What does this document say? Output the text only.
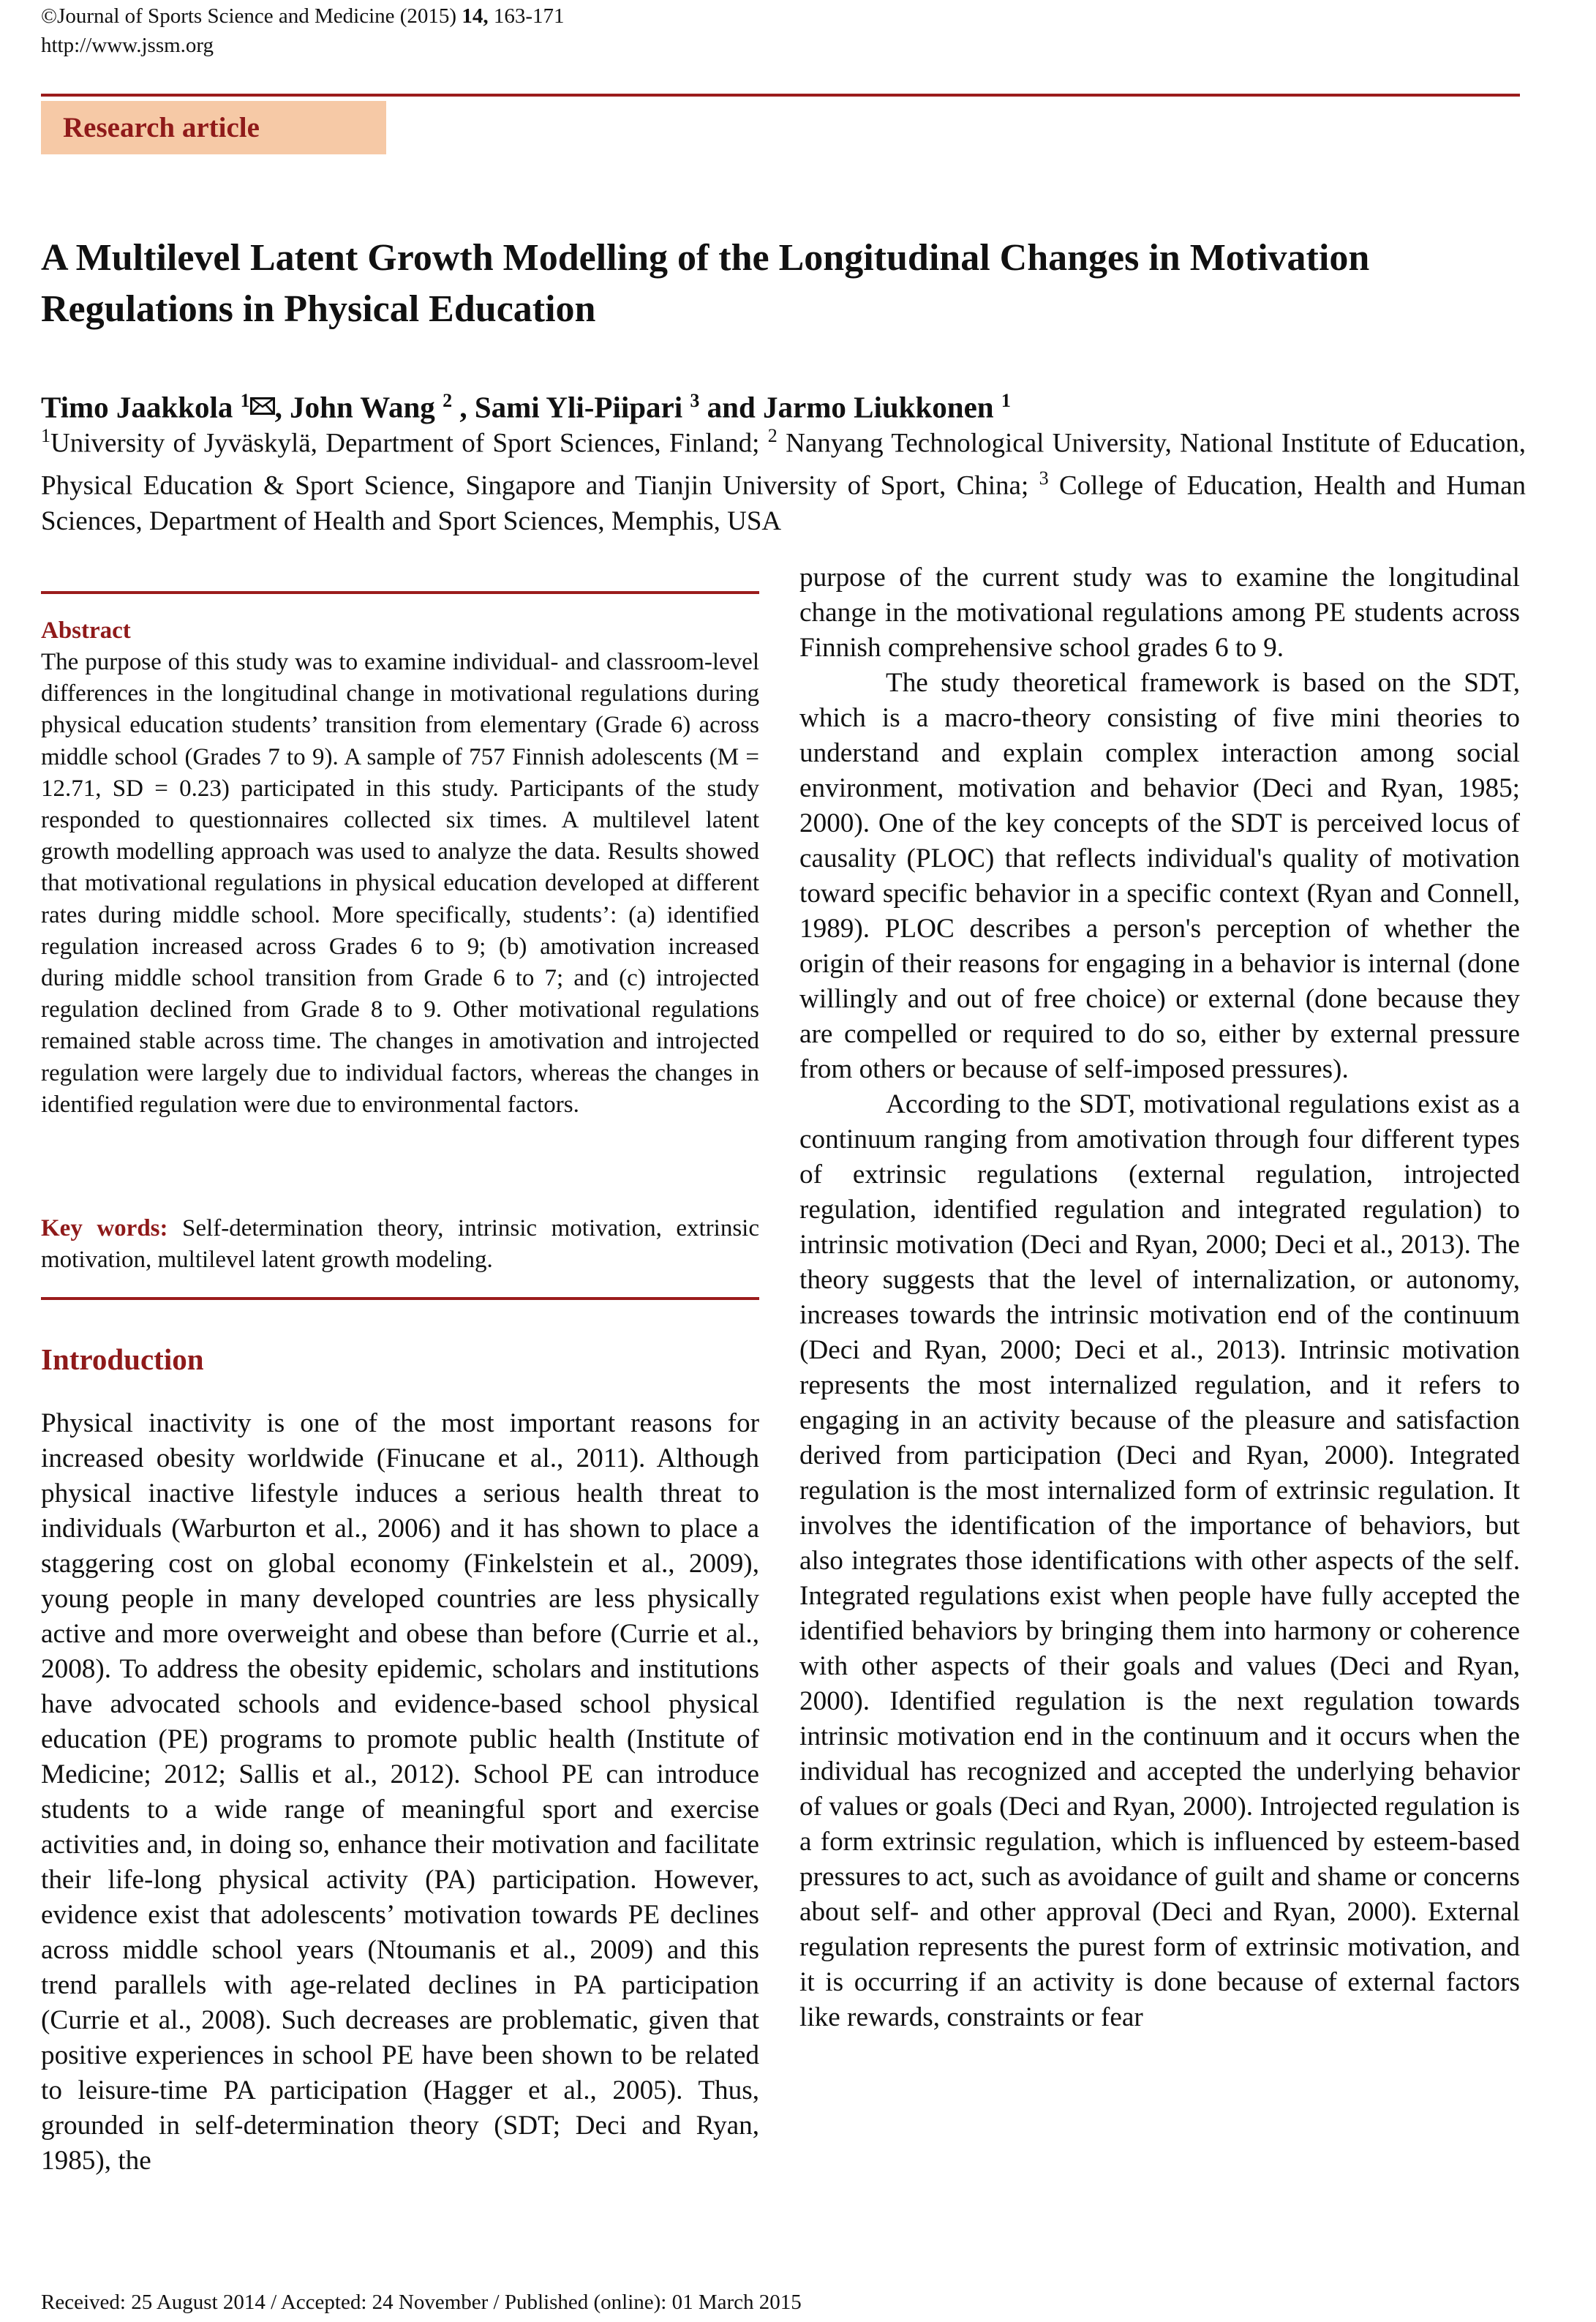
©Journal of Sports Science and Medicine (2015) 14, 163-171
http://www.jssm.org
Research article
A Multilevel Latent Growth Modelling of the Longitudinal Changes in Motivation Regulations in Physical Education
Timo Jaakkola $^1$ , John Wang $^2$ , Sami Yli-Piipari $^3$ and Jarmo Liukkonen $^1$
$^1$University of Jyväskylä, Department of Sport Sciences, Finland; $^2$ Nanyang Technological University, National Institute of Education, Physical Education & Sport Science, Singapore and Tianjin University of Sport, China; $^3$ College of Education, Health and Human Sciences, Department of Health and Sport Sciences, Memphis, USA
Abstract
The purpose of this study was to examine individual- and classroom-level differences in the longitudinal change in motivational regulations during physical education students’ transition from elementary (Grade 6) across middle school (Grades 7 to 9). A sample of 757 Finnish adolescents (M = 12.71, SD = 0.23) participated in this study. Participants of the study responded to questionnaires collected six times. A multilevel latent growth modelling approach was used to analyze the data. Results showed that motivational regulations in physical education developed at different rates during middle school. More specifically, students’: (a) identified regulation increased across Grades 6 to 9; (b) amotivation increased during middle school transition from Grade 6 to 7; and (c) introjected regulation declined from Grade 8 to 9. Other motivational regulations remained stable across time. The changes in amotivation and introjected regulation were largely due to individual factors, whereas the changes in identified regulation were due to environmental factors.
Key words: Self-determination theory, intrinsic motivation, extrinsic motivation, multilevel latent growth modeling.
Introduction

Physical inactivity is one of the most important reasons for increased obesity worldwide (Finucane et al., 2011). Although physical inactive lifestyle induces a serious health threat to individuals (Warburton et al., 2006) and it has shown to place a staggering cost on global economy (Finkelstein et al., 2009), young people in many developed countries are less physically active and more overweight and obese than before (Currie et al., 2008). To address the obesity epidemic, scholars and institutions have advocated schools and evidence-based school physical education (PE) programs to promote public health (Institute of Medicine; 2012; Sallis et al., 2012). School PE can introduce students to a wide range of meaningful sport and exercise activities and, in doing so, enhance their motivation and facilitate their life-long physical activity (PA) participation. However, evidence exist that adolescents’ motivation towards PE declines across middle school years (Ntoumanis et al., 2009) and this trend parallels with age-related declines in PA participation (Currie et al., 2008). Such decreases are problematic, given that positive experiences in school PE have been shown to be related to leisure-time PA participation (Hagger et al., 2005). Thus, grounded in self-determination theory (SDT; Deci and Ryan, 1985), the

purpose of the current study was to examine the longitudinal change in the motivational regulations among PE students across Finnish comprehensive school grades 6 to 9.

The study theoretical framework is based on the SDT, which is a macro-theory consisting of five mini theories to understand and explain complex interaction among social environment, motivation and behavior (Deci and Ryan, 1985; 2000). One of the key concepts of the SDT is perceived locus of causality (PLOC) that reflects individual's quality of motivation toward specific behavior in a specific context (Ryan and Connell, 1989). PLOC describes a person's perception of whether the origin of their reasons for engaging in a behavior is internal (done willingly and out of free choice) or external (done because they are compelled or required to do so, either by external pressure from others or because of self-imposed pressures).

According to the SDT, motivational regulations exist as a continuum ranging from amotivation through four different types of extrinsic regulations (external regulation, introjected regulation, identified regulation and integrated regulation) to intrinsic motivation (Deci and Ryan, 2000; Deci et al., 2013). The theory suggests that the level of internalization, or autonomy, increases towards the intrinsic motivation end of the continuum (Deci and Ryan, 2000; Deci et al., 2013). Intrinsic motivation represents the most internalized regulation, and it refers to engaging in an activity because of the pleasure and satisfaction derived from participation (Deci and Ryan, 2000). Integrated regulation is the most internalized form of extrinsic regulation. It involves the identification of the importance of behaviors, but also integrates those identifications with other aspects of the self. Integrated regulations exist when people have fully accepted the identified behaviors by bringing them into harmony or coherence with other aspects of their goals and values (Deci and Ryan, 2000). Identified regulation is the next regulation towards intrinsic motivation end in the continuum and it occurs when the individual has recognized and accepted the underlying behavior of values or goals (Deci and Ryan, 2000). Introjected regulation is a form extrinsic regulation, which is influenced by esteem-based pressures to act, such as avoidance of guilt and shame or concerns about self- and other approval (Deci and Ryan, 2000). External regulation represents the purest form of extrinsic motivation, and it is occurring if an activity is done because of external factors like rewards, constraints or fear

Received: 25 August 2014 / Accepted: 24 November / Published (online): 01 March 2015
